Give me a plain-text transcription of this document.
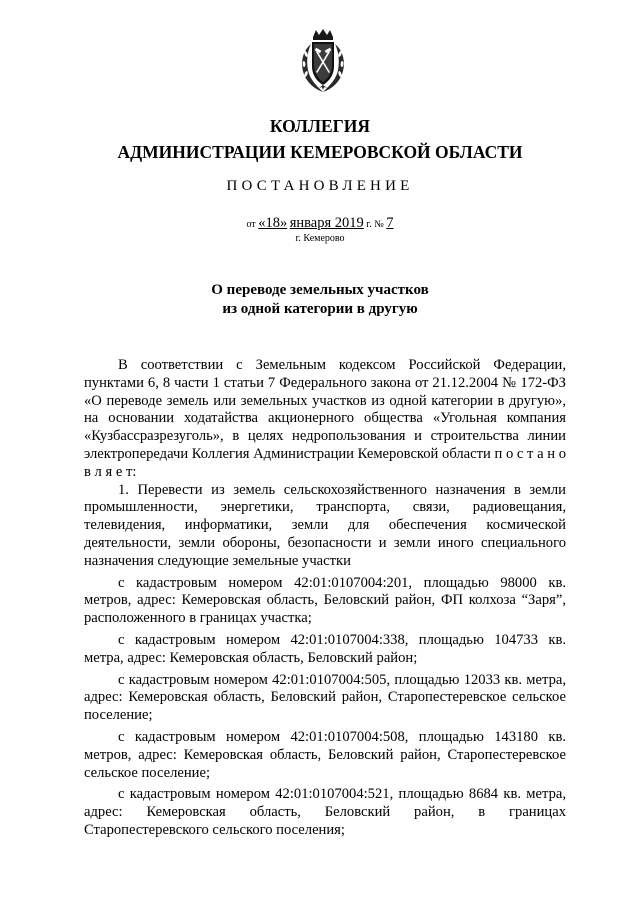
КОЛЛЕГИЯ
АДМИНИСТРАЦИИ КЕМЕРОВСКОЙ ОБЛАСТИ
ПОСТАНОВЛЕНИЕ
от «18» января 2019 г. № 7
г. Кемерово
О переводе земельных участков
из одной категории в другую

В соответствии с Земельным кодексом Российской Федерации, пунктами 6, 8 части 1 статьи 7 Федерального закона от 21.12.2004 № 172-ФЗ «О переводе земель или земельных участков из одной категории в другую», на основании ходатайства акционерного общества «Угольная компания «Кузбассразрезуголь», в целях недропользования и строительства линии электропередачи Коллегия Администрации Кемеровской области п о с т а н о в л я е т:

1. Перевести из земель сельскохозяйственного назначения в земли промышленности, энергетики, транспорта, связи, радиовещания, телевидения, информатики, земли для обеспечения космической деятельности, земли обороны, безопасности и земли иного специального назначения следующие земельные участки

с кадастровым номером 42:01:0107004:201, площадью 98000 кв. метров, адрес: Кемеровская область, Беловский район, ФП колхоза “Заря”, расположенного в границах участка;

с кадастровым номером 42:01:0107004:338, площадью 104733 кв. метра, адрес: Кемеровская область, Беловский район;

с кадастровым номером 42:01:0107004:505, площадью 12033 кв. метра, адрес: Кемеровская область, Беловский район, Старопестеревское сельское поселение;

с кадастровым номером 42:01:0107004:508, площадью 143180 кв. метров, адрес: Кемеровская область, Беловский район, Старопестеревское сельское поселение;

с кадастровым номером 42:01:0107004:521, площадью 8684 кв. метра, адрес: Кемеровская область, Беловский район, в границах Старопестеревского сельского поселения;
